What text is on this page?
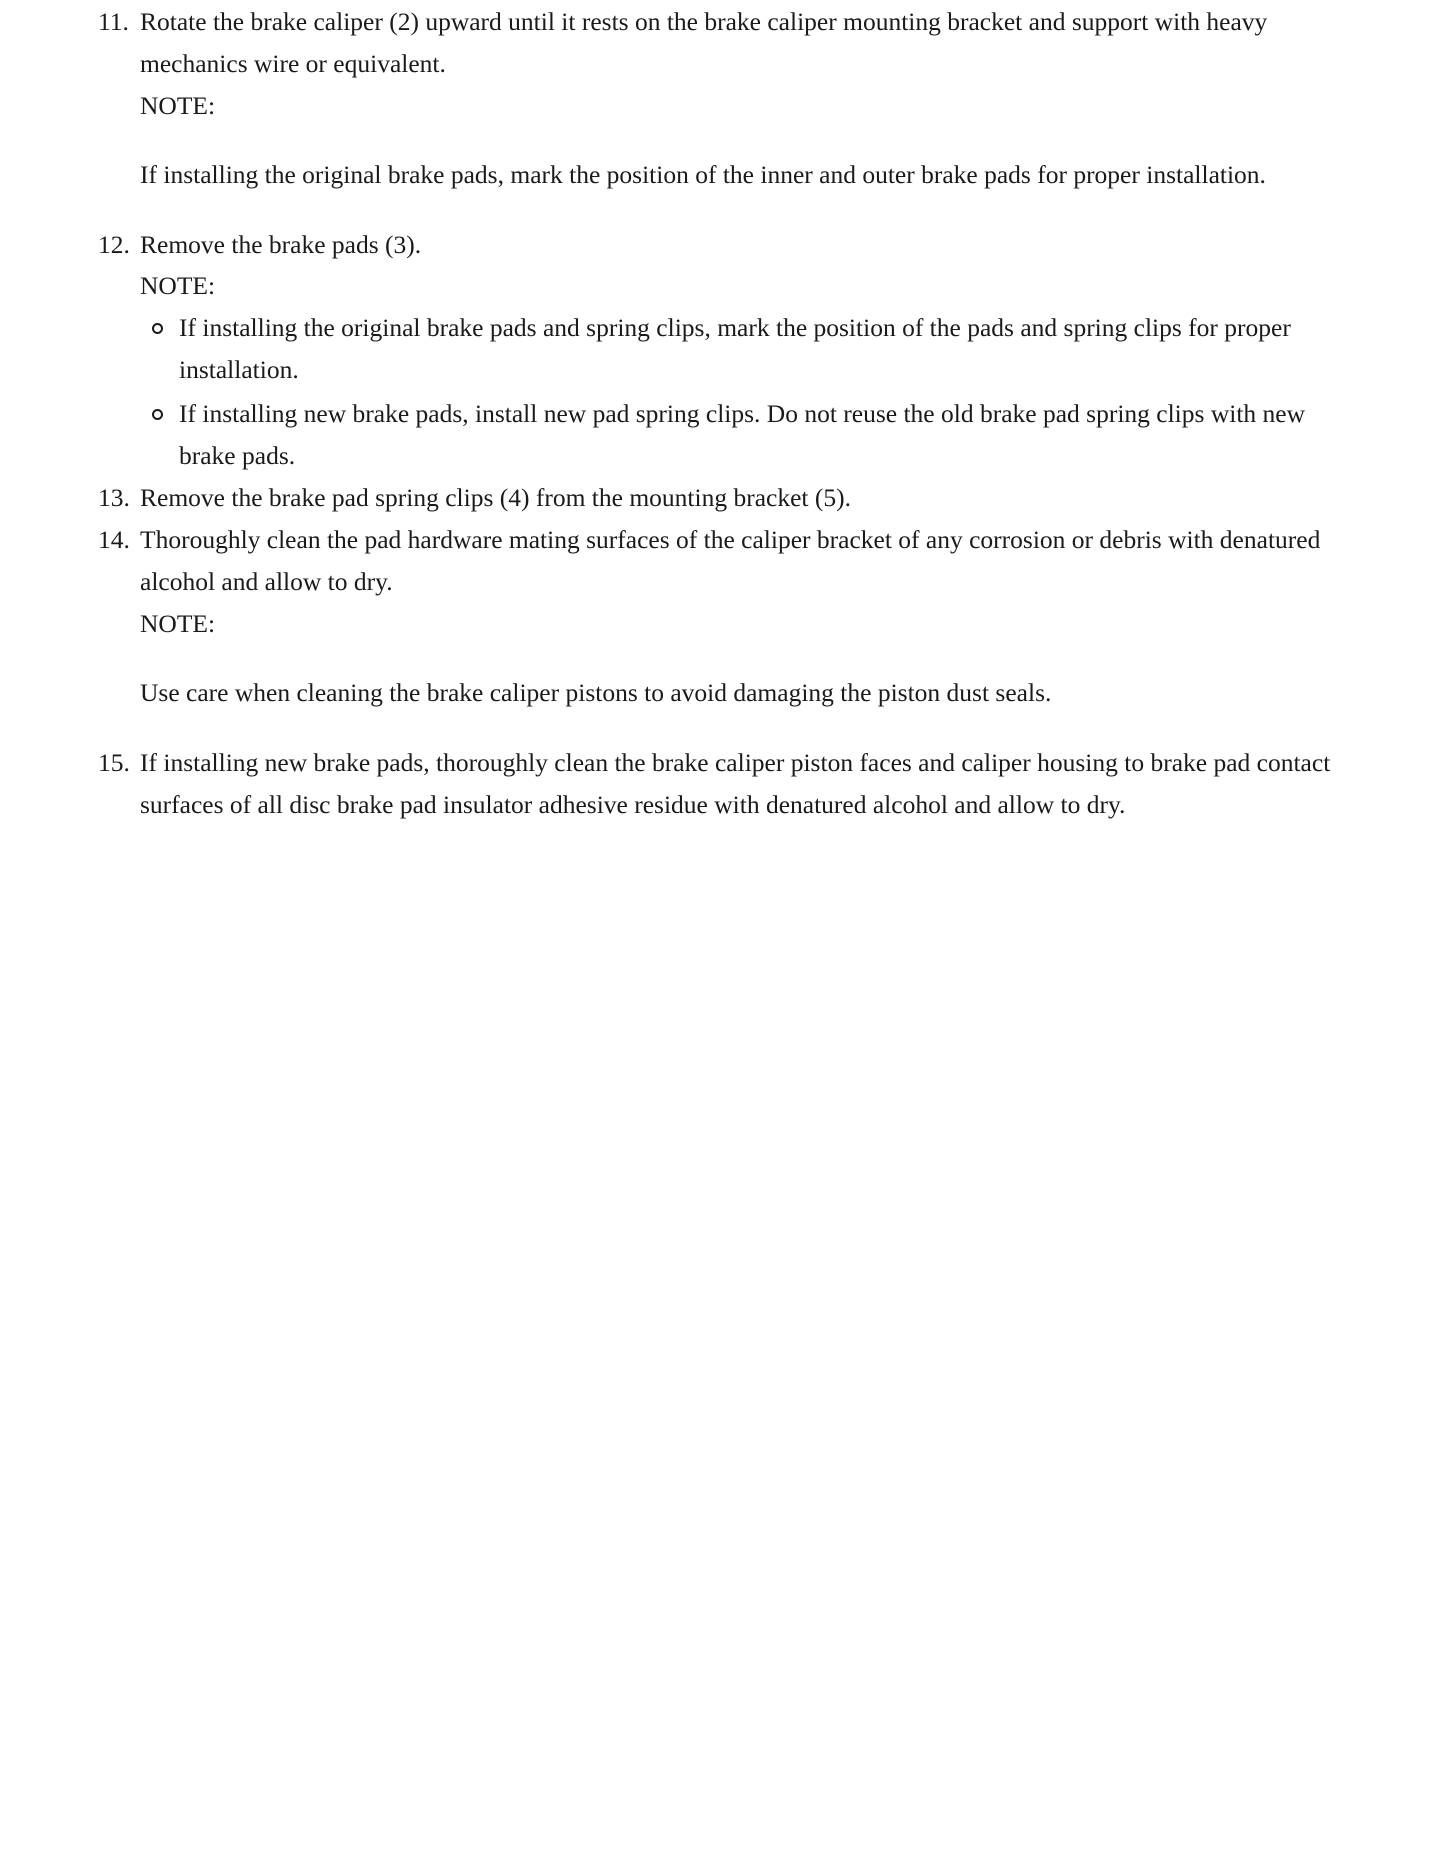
11. Rotate the brake caliper (2) upward until it rests on the brake caliper mounting bracket and support with heavy mechanics wire or equivalent.
NOTE:
If installing the original brake pads, mark the position of the inner and outer brake pads for proper installation.
12. Remove the brake pads (3).
NOTE:
If installing the original brake pads and spring clips, mark the position of the pads and spring clips for proper installation.
If installing new brake pads, install new pad spring clips. Do not reuse the old brake pad spring clips with new brake pads.
13. Remove the brake pad spring clips (4) from the mounting bracket (5).
14. Thoroughly clean the pad hardware mating surfaces of the caliper bracket of any corrosion or debris with denatured alcohol and allow to dry.
NOTE:
Use care when cleaning the brake caliper pistons to avoid damaging the piston dust seals.
15. If installing new brake pads, thoroughly clean the brake caliper piston faces and caliper housing to brake pad contact surfaces of all disc brake pad insulator adhesive residue with denatured alcohol and allow to dry.
